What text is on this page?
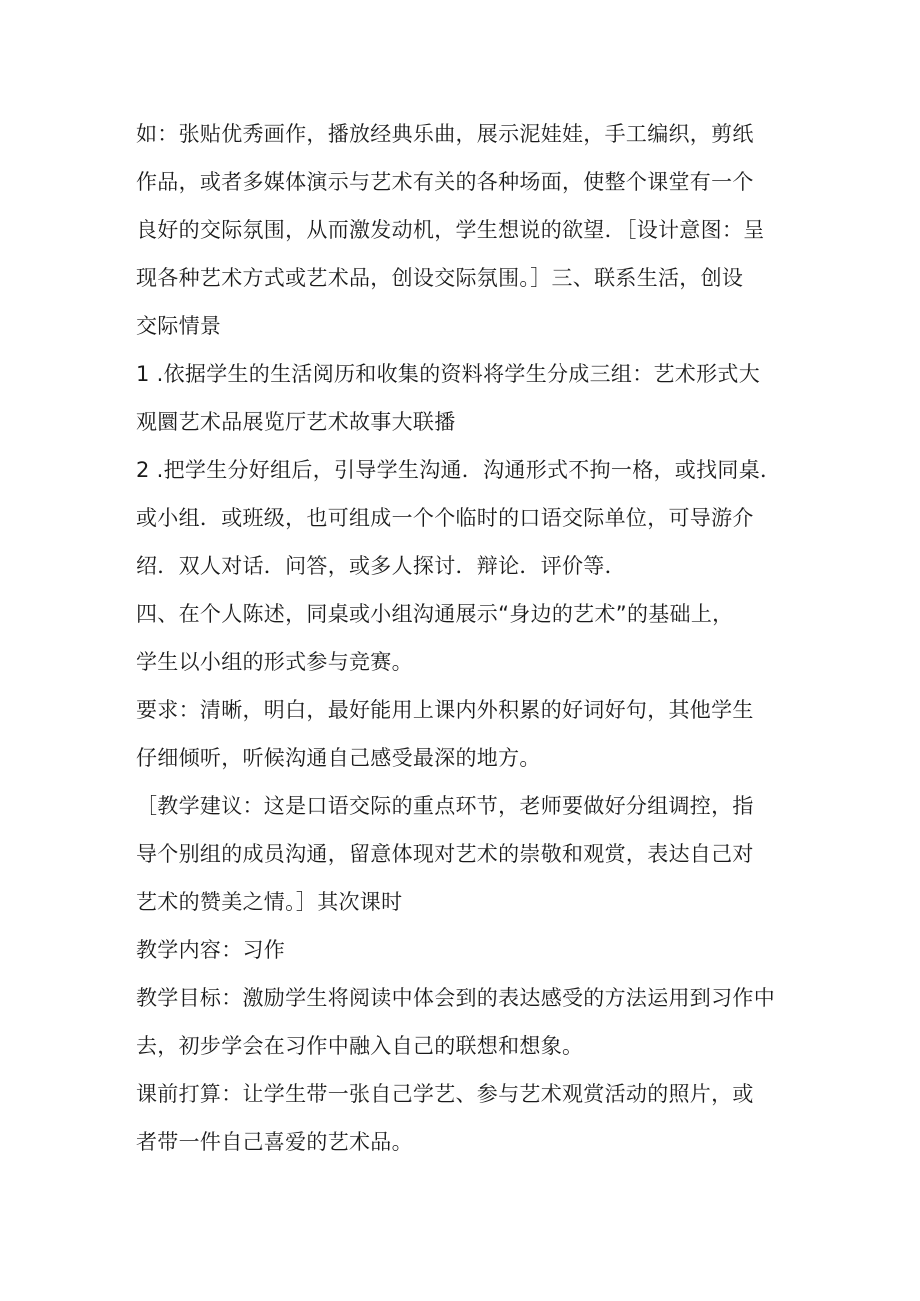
如：张贴优秀画作，播放经典乐曲，展示泥娃娃，手工编织，剪纸
作品，或者多媒体演示与艺术有关的各种场面，使整个课堂有一个
良好的交际氛围，从而激发动机，学生想说的欲望．［设计意图：呈
现各种艺术方式或艺术品，创设交际氛围。］三、联系生活，创设
交际情景
1 .依据学生的生活阅历和收集的资料将学生分成三组：艺术形式大
观圜艺术品展览厅艺术故事大联播
2 .把学生分好组后，引导学生沟通．沟通形式不拘一格，或找同桌．
或小组．或班级，也可组成一个个临时的口语交际单位，可导游介
绍．双人对话．问答，或多人探讨．辩论．评价等．
四、在个人陈述，同桌或小组沟通展示“身边的艺术”的基础上，
学生以小组的形式参与竞赛。
要求：清晰，明白，最好能用上课内外积累的好词好句，其他学生
仔细倾听，听候沟通自己感受最深的地方。
［教学建议：这是口语交际的重点环节，老师要做好分组调控，指
导个别组的成员沟通，留意体现对艺术的崇敬和观赏，表达自己对
艺术的赞美之情。］其次课时
教学内容：习作
教学目标：激励学生将阅读中体会到的表达感受的方法运用到习作中
去，初步学会在习作中融入自己的联想和想象。
课前打算：让学生带一张自己学艺、参与艺术观赏活动的照片，或
者带一件自己喜爱的艺术品。
